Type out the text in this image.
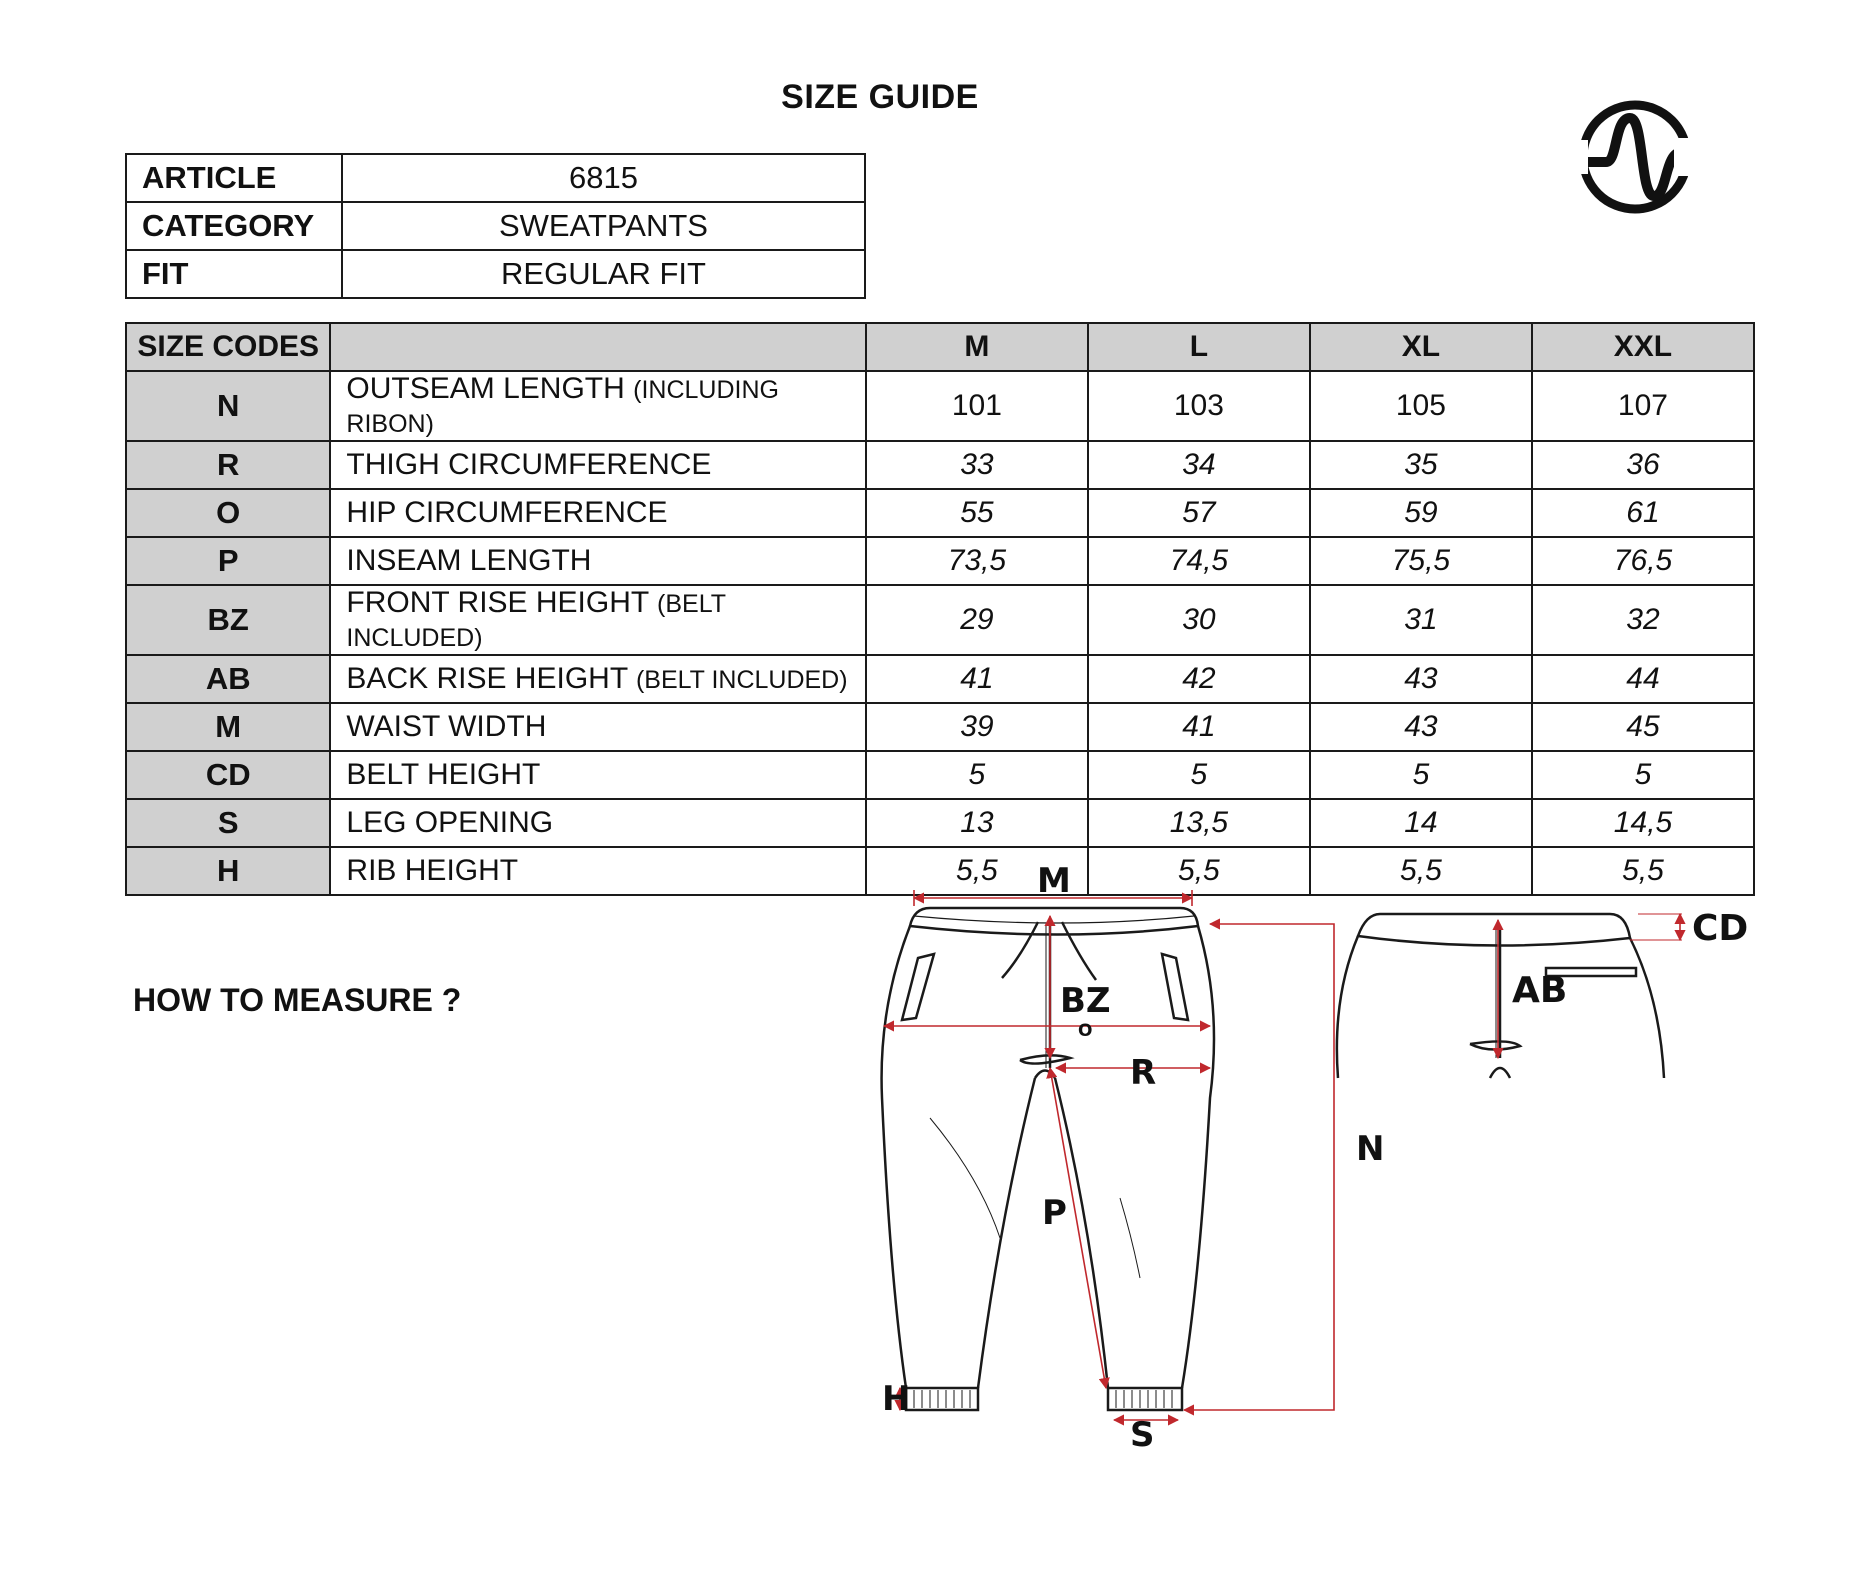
SIZE GUIDE
ARTICLE	6815
CATEGORY	SWEATPANTS
FIT	REGULAR FIT
SIZE CODES		M	L	XL	XXL
N	OUTSEAM LENGTH (INCLUDING RIBON)	101	103	105	107
R	THIGH CIRCUMFERENCE	33	34	35	36
O	HIP CIRCUMFERENCE	55	57	59	61
P	INSEAM LENGTH	73,5	74,5	75,5	76,5
BZ	FRONT RISE HEIGHT (BELT INCLUDED)	29	30	31	32
AB	BACK RISE HEIGHT (BELT INCLUDED)	41	42	43	44
M	WAIST WIDTH	39	41	43	45
CD	BELT HEIGHT	5	5	5	5
S	LEG OPENING	13	13,5	14	14,5
H	RIB HEIGHT	5,5	5,5	5,5	5,5
HOW TO MEASURE ?
M
BZ
O
R
N
P
H
S
CD
AB
